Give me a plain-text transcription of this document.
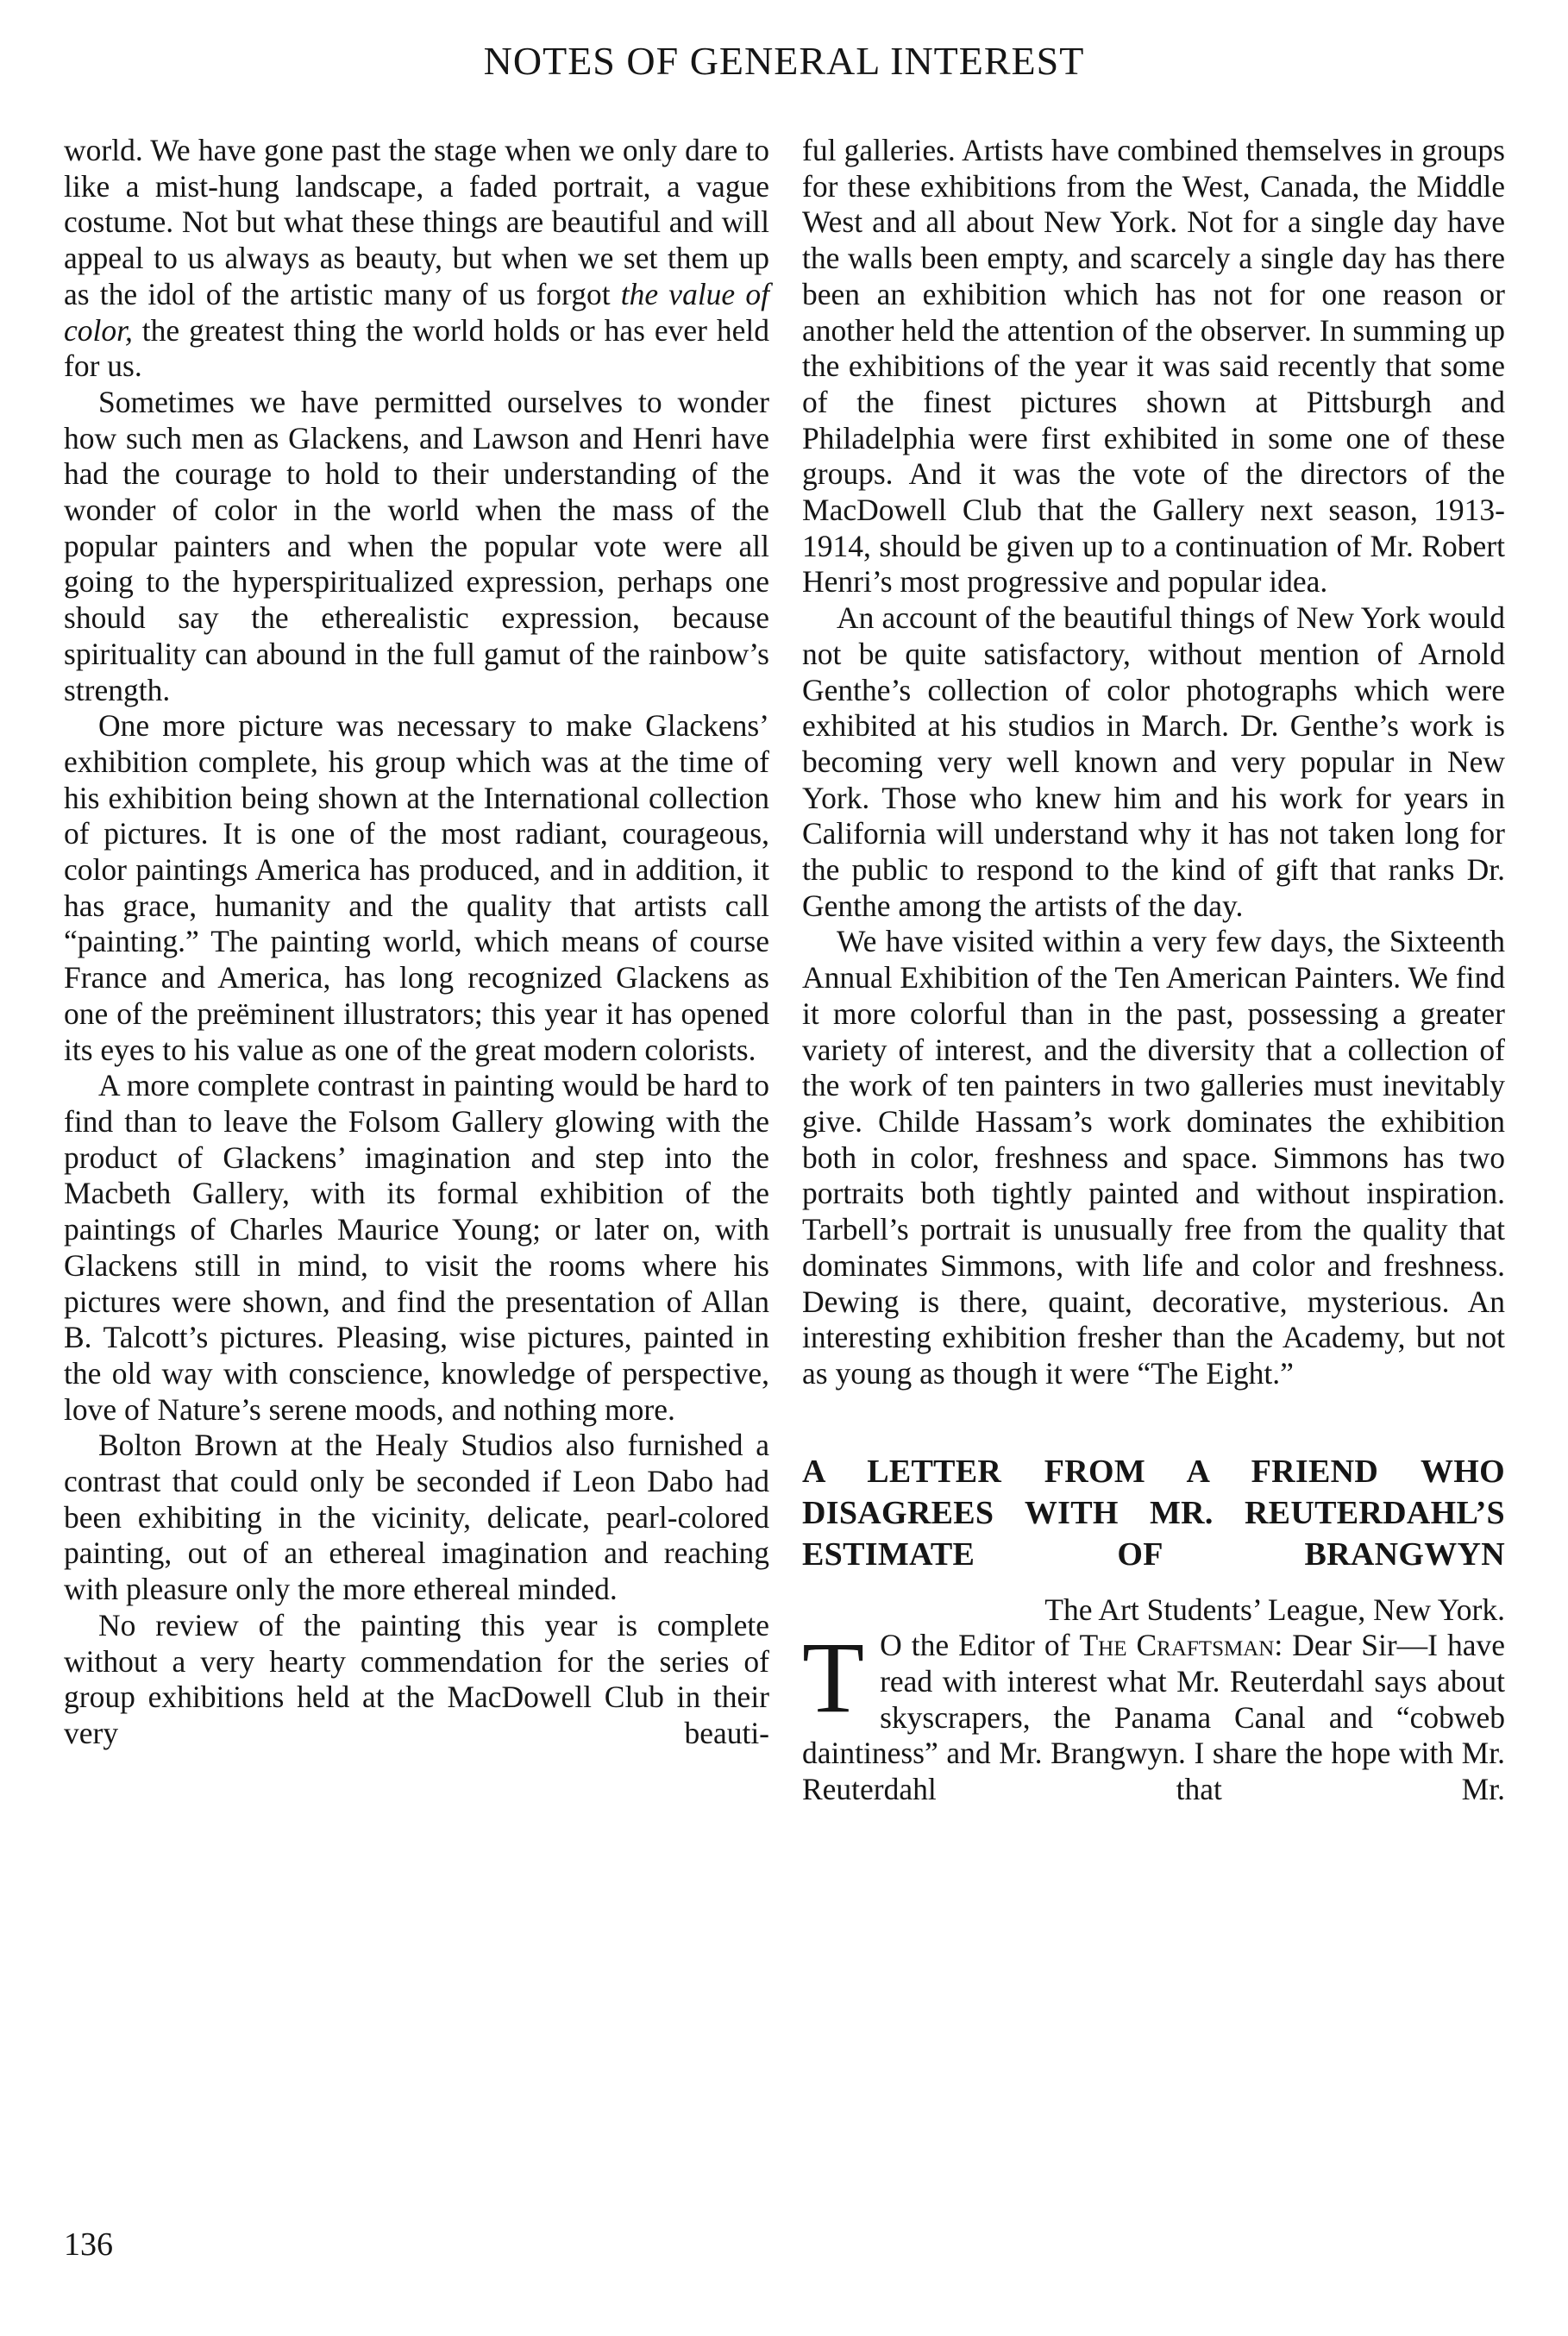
NOTES OF GENERAL INTEREST

world. We have gone past the stage when we only dare to like a mist-hung landscape, a faded portrait, a vague costume. Not but what these things are beautiful and will appeal to us always as beauty, but when we set them up as the idol of the artistic many of us forgot the value of color, the greatest thing the world holds or has ever held for us.

Sometimes we have permitted ourselves to wonder how such men as Glackens, and Lawson and Henri have had the courage to hold to their understanding of the wonder of color in the world when the mass of the popular painters and when the popular vote were all going to the hyperspiritualized expression, perhaps one should say the etherealistic expression, because spirituality can abound in the full gamut of the rainbow’s strength.

One more picture was necessary to make Glackens’ exhibition complete, his group which was at the time of his exhibition being shown at the International collection of pictures. It is one of the most radiant, courageous, color paintings America has produced, and in addition, it has grace, humanity and the quality that artists call “painting.” The painting world, which means of course France and America, has long recognized Glackens as one of the preëminent illustrators; this year it has opened its eyes to his value as one of the great modern colorists.

A more complete contrast in painting would be hard to find than to leave the Folsom Gallery glowing with the product of Glackens’ imagination and step into the Macbeth Gallery, with its formal exhibition of the paintings of Charles Maurice Young; or later on, with Glackens still in mind, to visit the rooms where his pictures were shown, and find the presentation of Allan B. Talcott’s pictures. Pleasing, wise pictures, painted in the old way with conscience, knowledge of perspective, love of Nature’s serene moods, and nothing more.

Bolton Brown at the Healy Studios also furnished a contrast that could only be seconded if Leon Dabo had been exhibiting in the vicinity, delicate, pearl-colored painting, out of an ethereal imagination and reaching with pleasure only the more ethereal minded.

No review of the painting this year is complete without a very hearty commendation for the series of group exhibitions held at the MacDowell Club in their very beauti-

ful galleries. Artists have combined themselves in groups for these exhibitions from the West, Canada, the Middle West and all about New York. Not for a single day have the walls been empty, and scarcely a single day has there been an exhibition which has not for one reason or another held the attention of the observer. In summing up the exhibitions of the year it was said recently that some of the finest pictures shown at Pittsburgh and Philadelphia were first exhibited in some one of these groups. And it was the vote of the directors of the MacDowell Club that the Gallery next season, 1913-1914, should be given up to a continuation of Mr. Robert Henri’s most progressive and popular idea.

An account of the beautiful things of New York would not be quite satisfactory, without mention of Arnold Genthe’s collection of color photographs which were exhibited at his studios in March. Dr. Genthe’s work is becoming very well known and very popular in New York. Those who knew him and his work for years in California will understand why it has not taken long for the public to respond to the kind of gift that ranks Dr. Genthe among the artists of the day.

We have visited within a very few days, the Sixteenth Annual Exhibition of the Ten American Painters. We find it more colorful than in the past, possessing a greater variety of interest, and the diversity that a collection of the work of ten painters in two galleries must inevitably give. Childe Hassam’s work dominates the exhibition both in color, freshness and space. Simmons has two portraits both tightly painted and without inspiration. Tarbell’s portrait is unusually free from the quality that dominates Simmons, with life and color and freshness. Dewing is there, quaint, decorative, mysterious. An interesting exhibition fresher than the Academy, but not as young as though it were “The Eight.”

A LETTER FROM A FRIEND WHO DISAGREES WITH MR. REUTERDAHL’S ESTIMATE OF BRANGWYN

The Art Students’ League, New York.

T O the Editor of The Craftsman: Dear Sir—I have read with interest what Mr. Reuterdahl says about skyscrapers, the Panama Canal and “cobweb daintiness” and Mr. Brangwyn. I share the hope with Mr. Reuterdahl that Mr.

136
